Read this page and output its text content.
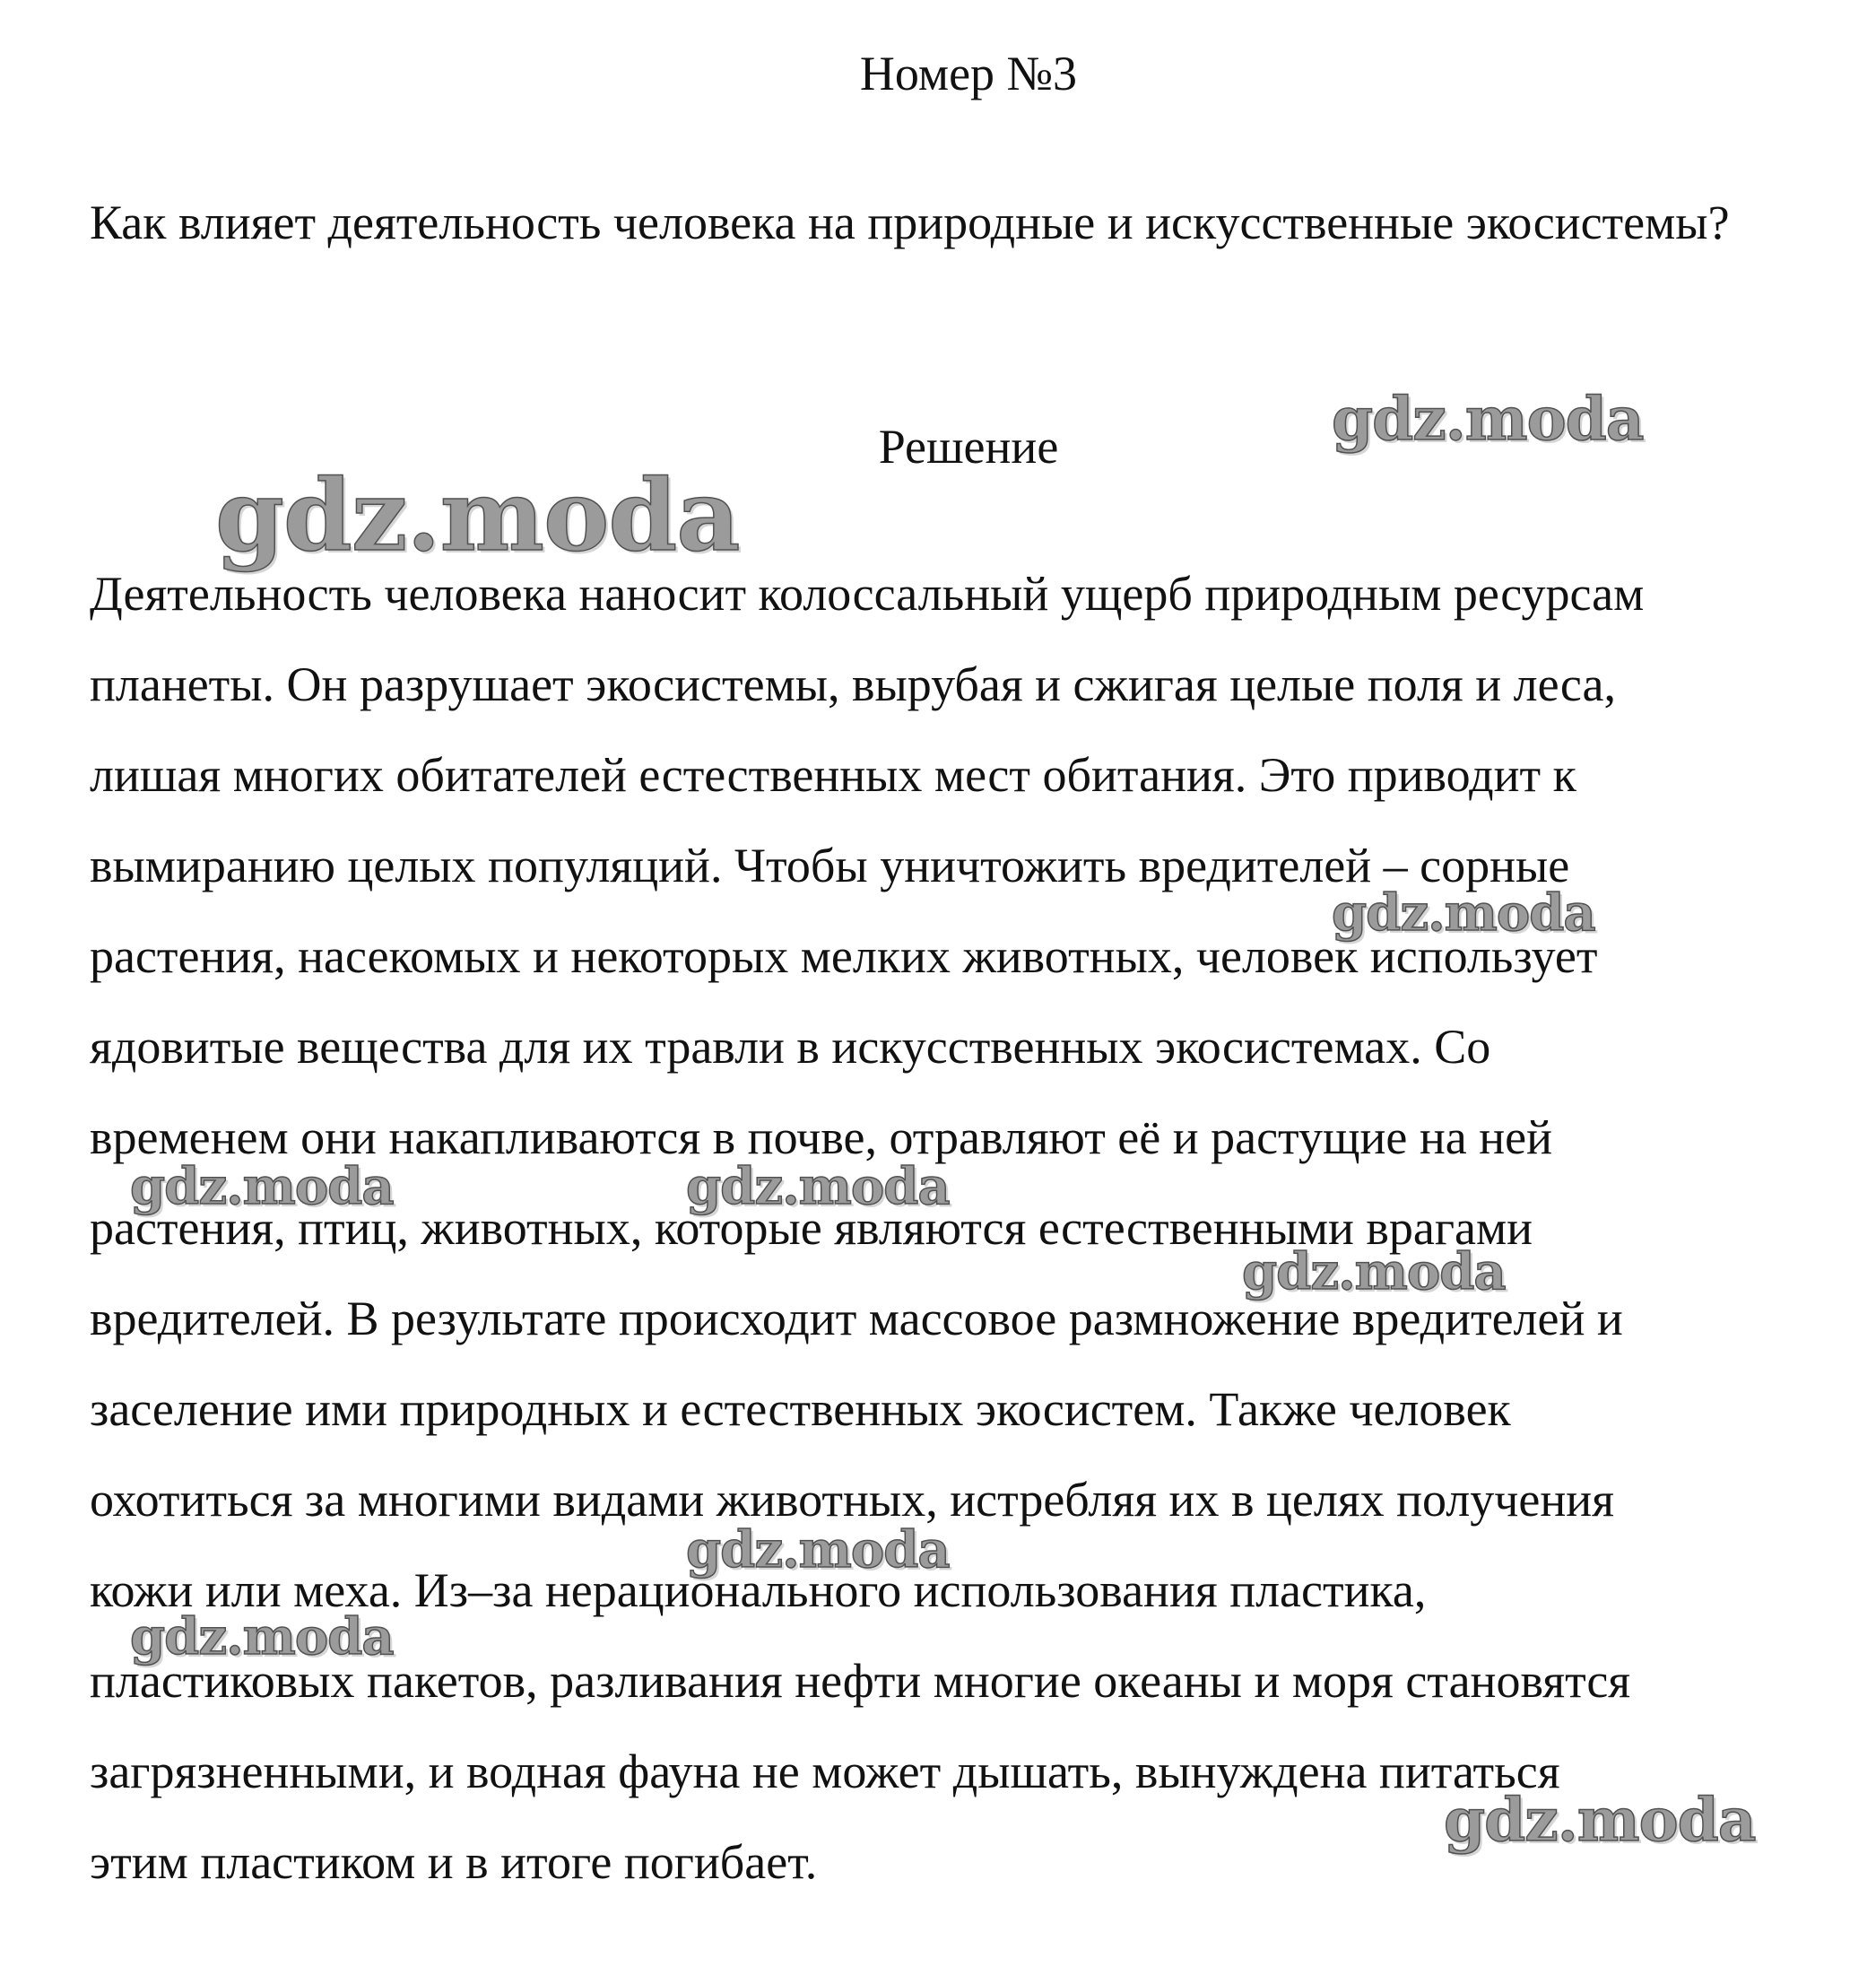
Номер №3

Как влияет деятельность человека на природные и искусственные экосистемы?

Решение
Деятельность человека наносит колоссальный ущерб природным ресурсам
планеты. Он разрушает экосистемы, вырубая и сжигая целые поля и леса,
лишая многих обитателей естественных мест обитания. Это приводит к
вымиранию целых популяций. Чтобы уничтожить вредителей – сорные
растения, насекомых и некоторых мелких животных, человек использует
ядовитые вещества для их травли в искусственных экосистемах. Со
временем они накапливаются в почве, отравляют её и растущие на ней
растения, птиц, животных, которые являются естественными врагами
вредителей. В результате происходит массовое размножение вредителей и
заселение ими природных и естественных экосистем. Также человек
охотиться за многими видами животных, истребляя их в целях получения
кожи или меха. Из–за нерационального использования пластика,
пластиковых пакетов, разливания нефти многие океаны и моря становятся
загрязненными, и водная фауна не может дышать, вынуждена питаться
этим пластиком и в итоге погибает.
gdz.moda
gdz.moda
gdz.moda
gdz.moda	gdz.moda
gdz.moda
gdz.moda
gdz.moda
gdz.moda
